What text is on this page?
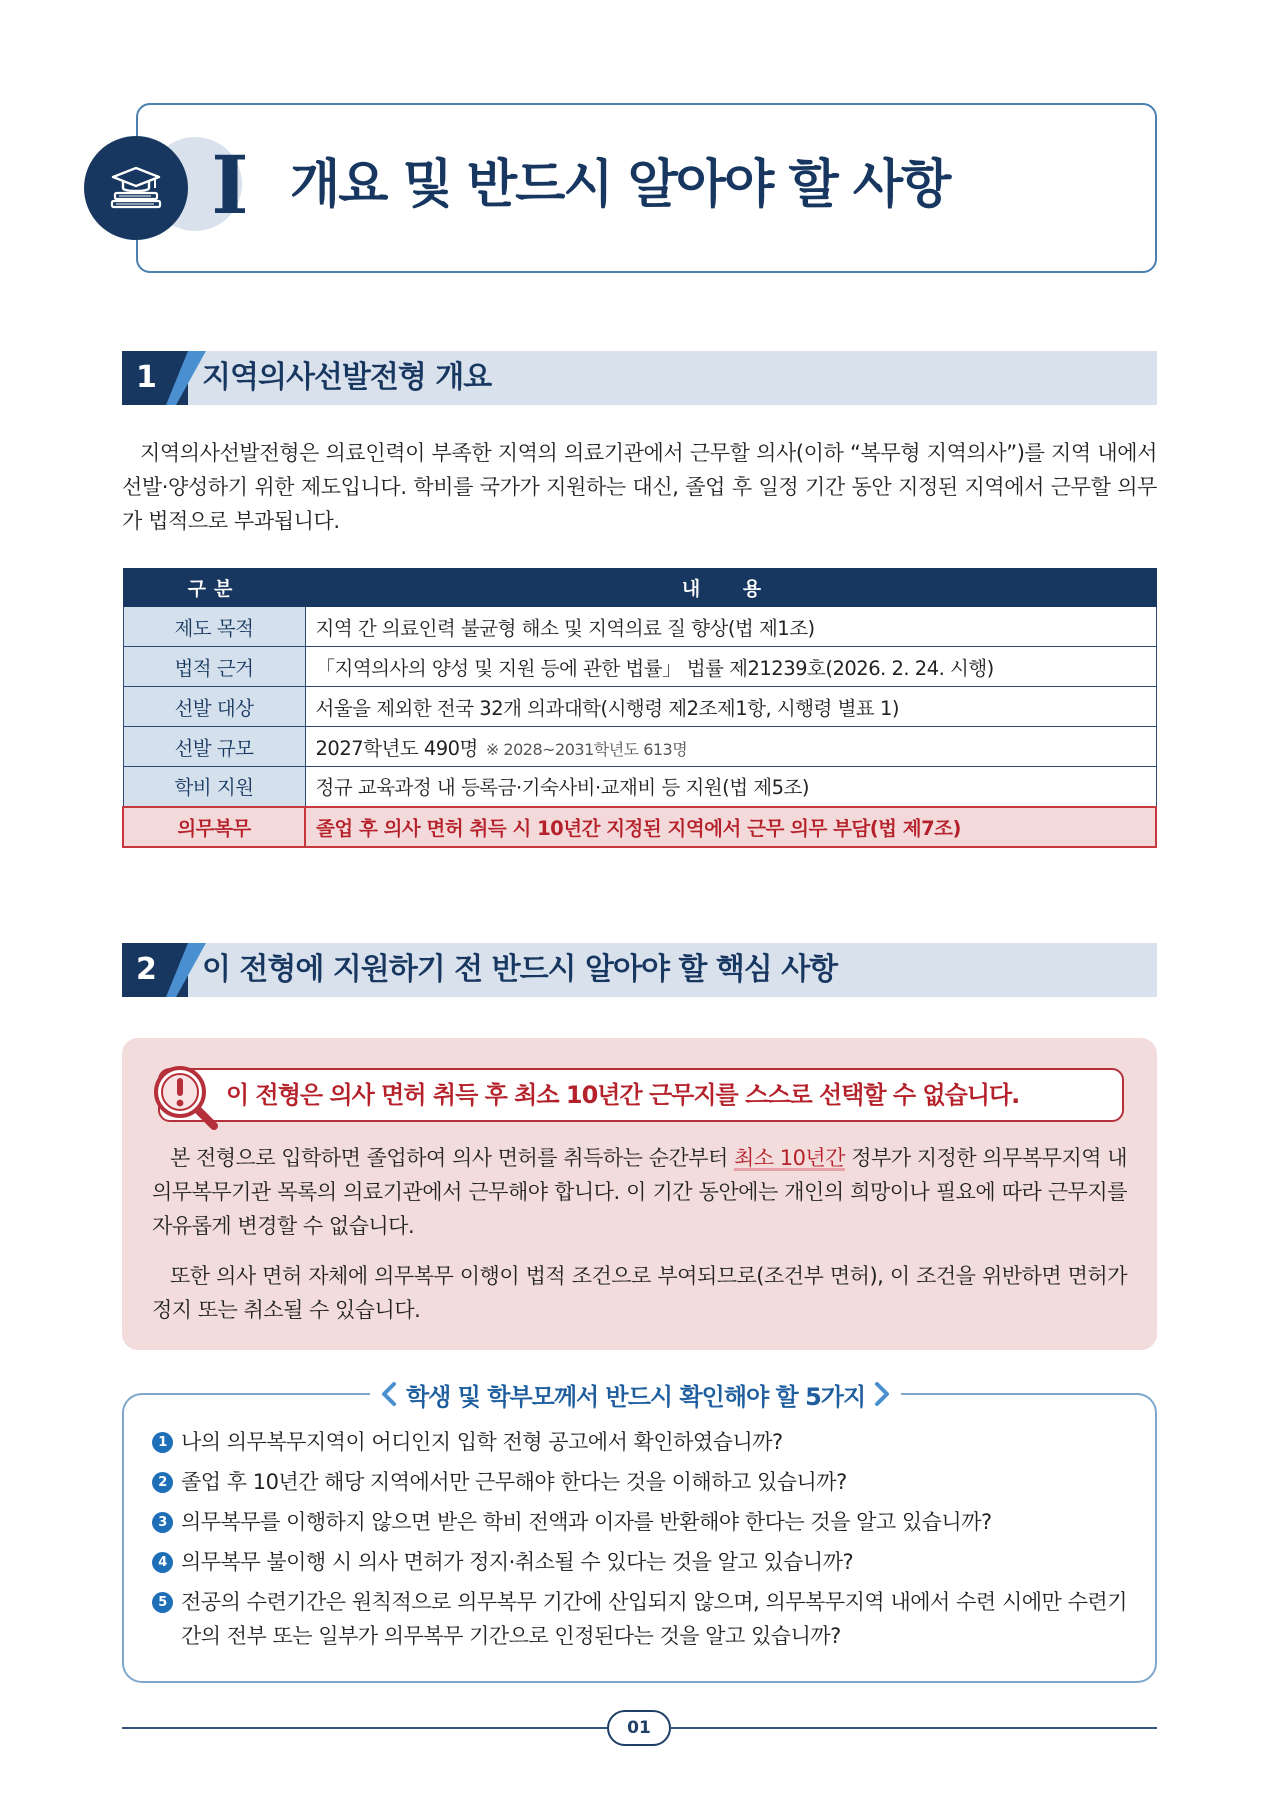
I 개요 및 반드시 알아야 할 사항
1	지역의사선발전형 개요

지역의사선발전형은 의료인력이 부족한 지역의 의료기관에서 근무할 의사(이하 “복무형 지역의사”)를 지역 내에서 선발·양성하기 위한 제도입니다. 학비를 국가가 지원하는 대신, 졸업 후 일정 기간 동안 지정된 지역에서 근무할 의무가 법적으로 부과됩니다.

구분	내 용
제도 목적	지역 간 의료인력 불균형 해소 및 지역의료 질 향상(법 제1조)
법적 근거	「지역의사의 양성 및 지원 등에 관한 법률」 법률 제21239호(2026. 2. 24. 시행)
선발 대상	서울을 제외한 전국 32개 의과대학(시행령 제2조제1항, 시행령 별표 1)
선발 규모	2027학년도 490명 ※ 2028~2031학년도 613명
학비 지원	정규 교육과정 내 등록금·기숙사비·교재비 등 지원(법 제5조)
의무복무	졸업 후 의사 면허 취득 시 10년간 지정된 지역에서 근무 의무 부담(법 제7조)
2	이 전형에 지원하기 전 반드시 알아야 할 핵심 사항
이 전형은 의사 면허 취득 후 최소 10년간 근무지를 스스로 선택할 수 없습니다.

본 전형으로 입학하면 졸업하여 의사 면허를 취득하는 순간부터 최소 10년간 정부가 지정한 의무복무지역 내 의무복무기관 목록의 의료기관에서 근무해야 합니다. 이 기간 동안에는 개인의 희망이나 필요에 따라 근무지를 자유롭게 변경할 수 없습니다.

또한 의사 면허 자체에 의무복무 이행이 법적 조건으로 부여되므로(조건부 면허), 이 조건을 위반하면 면허가 정지 또는 취소될 수 있습니다.

학생 및 학부모께서 반드시 확인해야 할 5가지
1 나의 의무복무지역이 어디인지 입학 전형 공고에서 확인하였습니까?
2 졸업 후 10년간 해당 지역에서만 근무해야 한다는 것을 이해하고 있습니까?
3 의무복무를 이행하지 않으면 받은 학비 전액과 이자를 반환해야 한다는 것을 알고 있습니까?
4 의무복무 불이행 시 의사 면허가 정지·취소될 수 있다는 것을 알고 있습니까?
5 전공의 수련기간은 원칙적으로 의무복무 기간에 산입되지 않으며, 의무복무지역 내에서 수련 시에만 수련기간의 전부 또는 일부가 의무복무 기간으로 인정된다는 것을 알고 있습니까?
01
